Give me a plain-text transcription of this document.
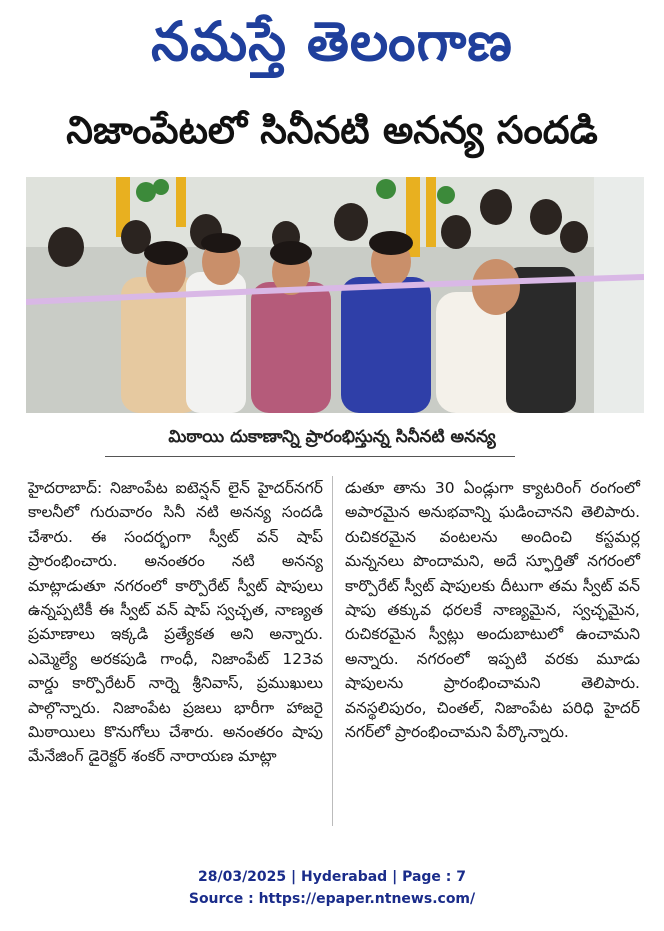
నమస్తే తెలంగాణ
నిజాంపేటలో సినీనటి అనన్య సందడి
మిఠాయి దుకాణాన్ని ప్రారంభిస్తున్న సినీనటి అనన్య

హైదరాబాద్: నిజాంపేట ఐటెన్షన్ లైన్ హైదర్‌నగర్ కాలనీలో గురువారం సినీ నటి అనన్య సందడి చేశారు. ఈ సందర్భంగా స్వీట్ వన్ షాప్ ప్రారంభించారు. అనంతరం నటి అనన్య మాట్లాడుతూ నగరంలో కార్పొరేట్ స్వీట్ షాపులు ఉన్నప్పటికీ ఈ స్వీట్ వన్ షాప్ స్వచ్ఛత, నాణ్యత ప్రమాణాలు ఇక్కడి ప్రత్యేకత అని అన్నారు. ఎమ్మెల్యే అరకపుడి గాంధీ, నిజాంపేట్ 123వ వార్డు కార్పొరేటర్ నార్నె శ్రీనివాస్, ప్రముఖులు పాల్గొన్నారు. నిజాంపేట ప్రజలు భారీగా హాజరై మిఠాయిలు కొనుగోలు చేశారు. అనంతరం షాపు మేనేజింగ్ డైరెక్టర్ శంకర్ నారాయణ మాట్లా

డుతూ తాను 30 ఏండ్లుగా క్యాటరింగ్ రంగంలో అపారమైన అనుభవాన్ని ఘడించానని తెలిపారు. రుచికరమైన వంటలను అందించి కస్టమర్ల మన్ననలు పొందామని, అదే స్ఫూర్తితో నగరంలో కార్పొరేట్ స్వీట్ షాపులకు దీటుగా తమ స్వీట్ వన్ షాపు తక్కువ ధరలకే నాణ్యమైన, స్వచ్ఛమైన, రుచికరమైన స్వీట్లు అందుబాటులో ఉంచామని అన్నారు. నగరంలో ఇప్పటి వరకు మూడు షాపులను ప్రారంభించామని తెలిపారు. వనస్థలిపురం, చింతల్, నిజాంపేట పరిధి హైదర్ నగర్‌లో ప్రారంభించామని పేర్కొన్నారు.

28/03/2025 | Hyderabad | Page : 7
Source : https://epaper.ntnews.com/
